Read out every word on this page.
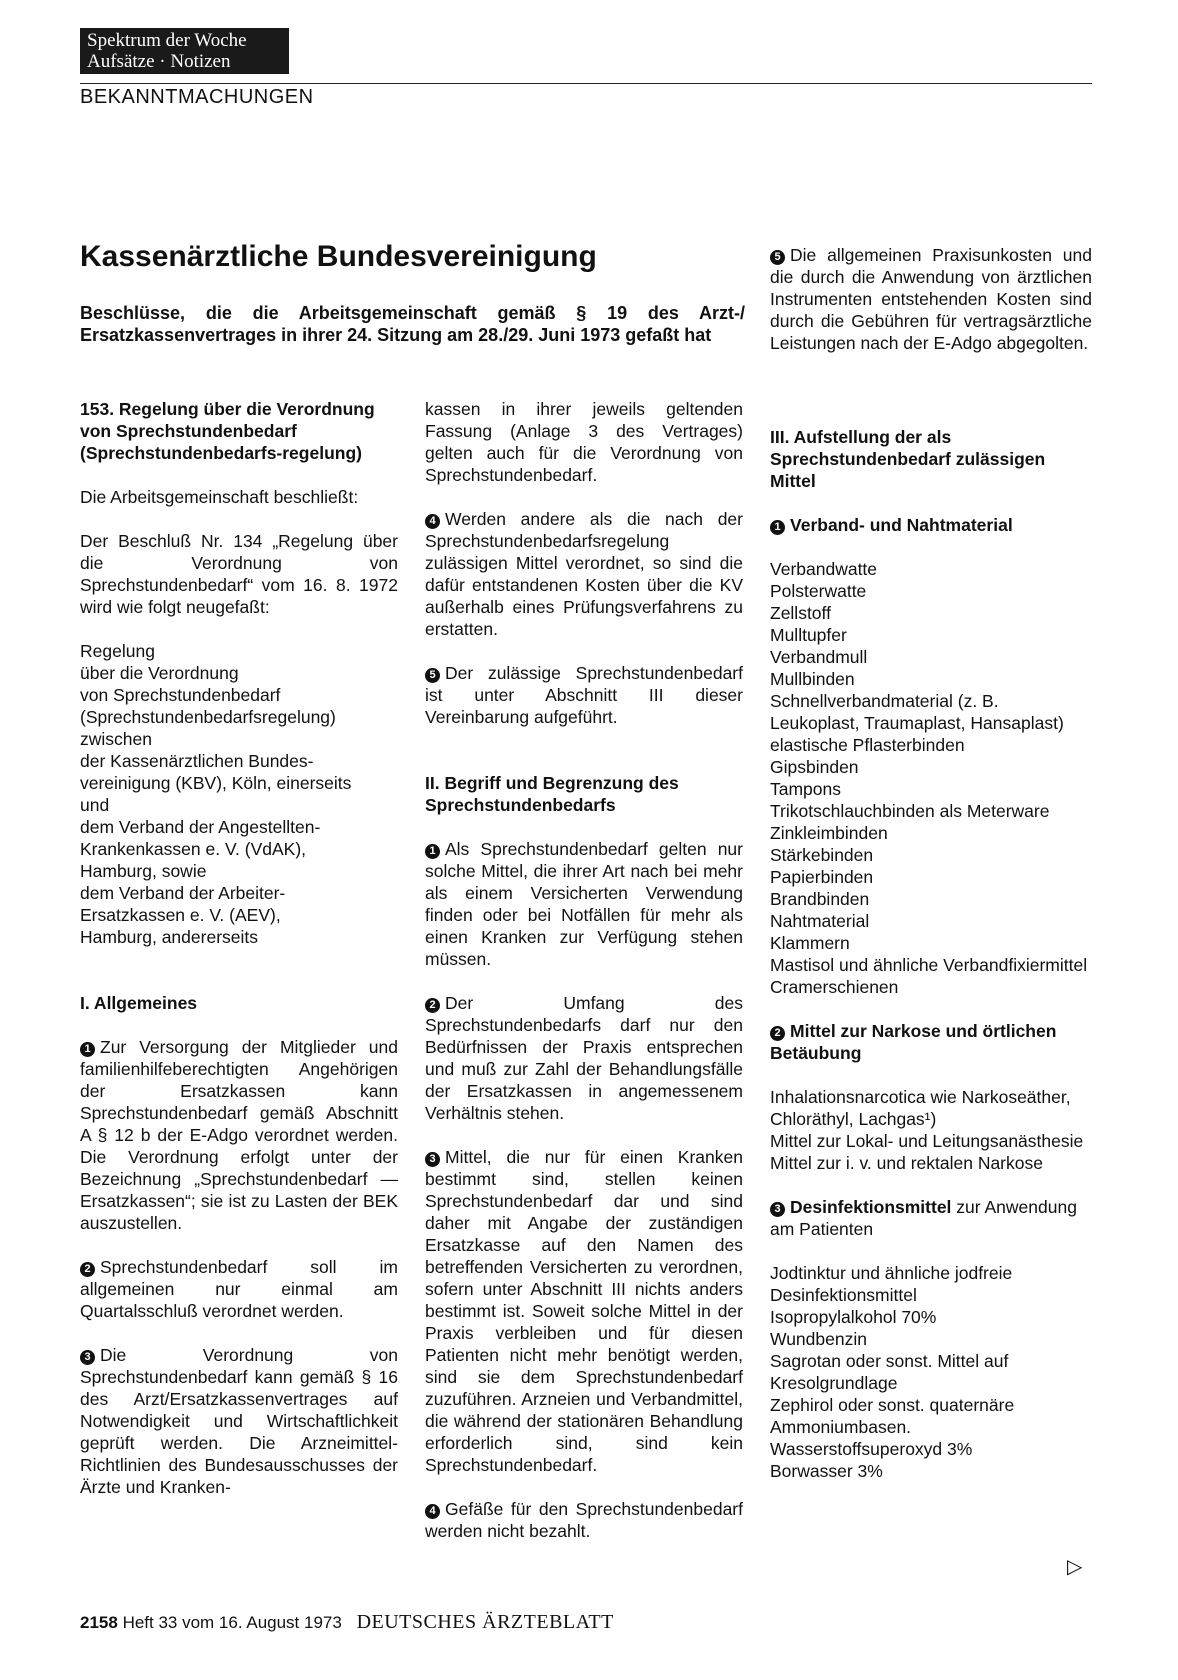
Spektrum der Woche
Aufsätze · Notizen
BEKANNTMACHUNGEN
Kassenärztliche Bundesvereinigung
Beschlüsse, die die Arbeitsgemeinschaft gemäß § 19 des Arzt-/ Ersatzkassenvertrages in ihrer 24. Sitzung am 28./29. Juni 1973 gefaßt hat

153. Regelung über die Verordnung von Sprechstundenbedarf (Sprechstundenbedarfs-regelung)

Die Arbeitsgemeinschaft beschließt:

Der Beschluß Nr. 134 „Regelung über die Verordnung von Sprechstundenbedarf“ vom 16. 8. 1972 wird wie folgt neugefaßt:

Regelung

über die Verordnung

von Sprechstundenbedarf

(Sprechstundenbedarfsregelung)

zwischen

der Kassenärztlichen Bundes-

vereinigung (KBV), Köln, einerseits

und

dem Verband der Angestellten-

Krankenkassen e. V. (VdAK),

Hamburg, sowie

dem Verband der Arbeiter-

Ersatzkassen e. V. (AEV),

Hamburg, andererseits

I. Allgemeines

1 Zur Versorgung der Mitglieder und familienhilfeberechtigten Angehörigen der Ersatzkassen kann Sprechstundenbedarf gemäß Abschnitt A § 12 b der E-Adgo verordnet werden. Die Verordnung erfolgt unter der Bezeichnung „Sprechstundenbedarf — Ersatzkassen“; sie ist zu Lasten der BEK auszustellen.

2 Sprechstundenbedarf soll im allgemeinen nur einmal am Quartalsschluß verordnet werden.

3 Die Verordnung von Sprechstundenbedarf kann gemäß § 16 des Arzt/Ersatzkassenvertrages auf Notwendigkeit und Wirtschaftlichkeit geprüft werden. Die Arzneimittel-Richtlinien des Bundesausschusses der Ärzte und Kranken-

kassen in ihrer jeweils geltenden Fassung (Anlage 3 des Vertrages) gelten auch für die Verordnung von Sprechstundenbedarf.

4 Werden andere als die nach der Sprechstundenbedarfsregelung zulässigen Mittel verordnet, so sind die dafür entstandenen Kosten über die KV außerhalb eines Prüfungsverfahrens zu erstatten.

5 Der zulässige Sprechstundenbedarf ist unter Abschnitt III dieser Vereinbarung aufgeführt.

II. Begriff und Begrenzung des Sprechstundenbedarfs

1 Als Sprechstundenbedarf gelten nur solche Mittel, die ihrer Art nach bei mehr als einem Versicherten Verwendung finden oder bei Notfällen für mehr als einen Kranken zur Verfügung stehen müssen.

2 Der Umfang des Sprechstundenbedarfs darf nur den Bedürfnissen der Praxis entsprechen und muß zur Zahl der Behandlungsfälle der Ersatzkassen in angemessenem Verhältnis stehen.

3 Mittel, die nur für einen Kranken bestimmt sind, stellen keinen Sprechstundenbedarf dar und sind daher mit Angabe der zuständigen Ersatzkasse auf den Namen des betreffenden Versicherten zu verordnen, sofern unter Abschnitt III nichts anders bestimmt ist. Soweit solche Mittel in der Praxis verbleiben und für diesen Patienten nicht mehr benötigt werden, sind sie dem Sprechstundenbedarf zuzuführen. Arzneien und Verbandmittel, die während der stationären Behandlung erforderlich sind, sind kein Sprechstundenbedarf.

4 Gefäße für den Sprechstundenbedarf werden nicht bezahlt.

5 Die allgemeinen Praxisunkosten und die durch die Anwendung von ärztlichen Instrumenten entstehenden Kosten sind durch die Gebühren für vertragsärztliche Leistungen nach der E-Adgo abgegolten.

III. Aufstellung der als Sprechstundenbedarf zulässigen Mittel

1 Verband- und Nahtmaterial

Verbandwatte
Polsterwatte
Zellstoff
Mulltupfer
Verbandmull
Mullbinden
Schnellverbandmaterial (z. B. Leukoplast, Traumaplast, Hansaplast)
elastische Pflasterbinden
Gipsbinden
Tampons
Trikotschlauchbinden als Meterware
Zinkleimbinden
Stärkebinden
Papierbinden
Brandbinden
Nahtmaterial
Klammern
Mastisol und ähnliche Verbandfixiermittel
Cramerschienen

2 Mittel zur Narkose und örtlichen Betäubung

Inhalationsnarcotica wie Narkoseäther, Chloräthyl, Lachgas¹)
Mittel zur Lokal- und Leitungsanästhesie
Mittel zur i. v. und rektalen Narkose

3 Desinfektionsmittel zur Anwendung am Patienten

Jodtinktur und ähnliche jodfreie Desinfektionsmittel
Isopropylalkohol 70%
Wundbenzin
Sagrotan oder sonst. Mittel auf Kresolgrundlage
Zephirol oder sonst. quaternäre Ammoniumbasen.
Wasserstoffsuperoxyd 3%
Borwasser 3%
▷
2158 Heft 33 vom 16. August 1973 DEUTSCHES ÄRZTEBLATT
